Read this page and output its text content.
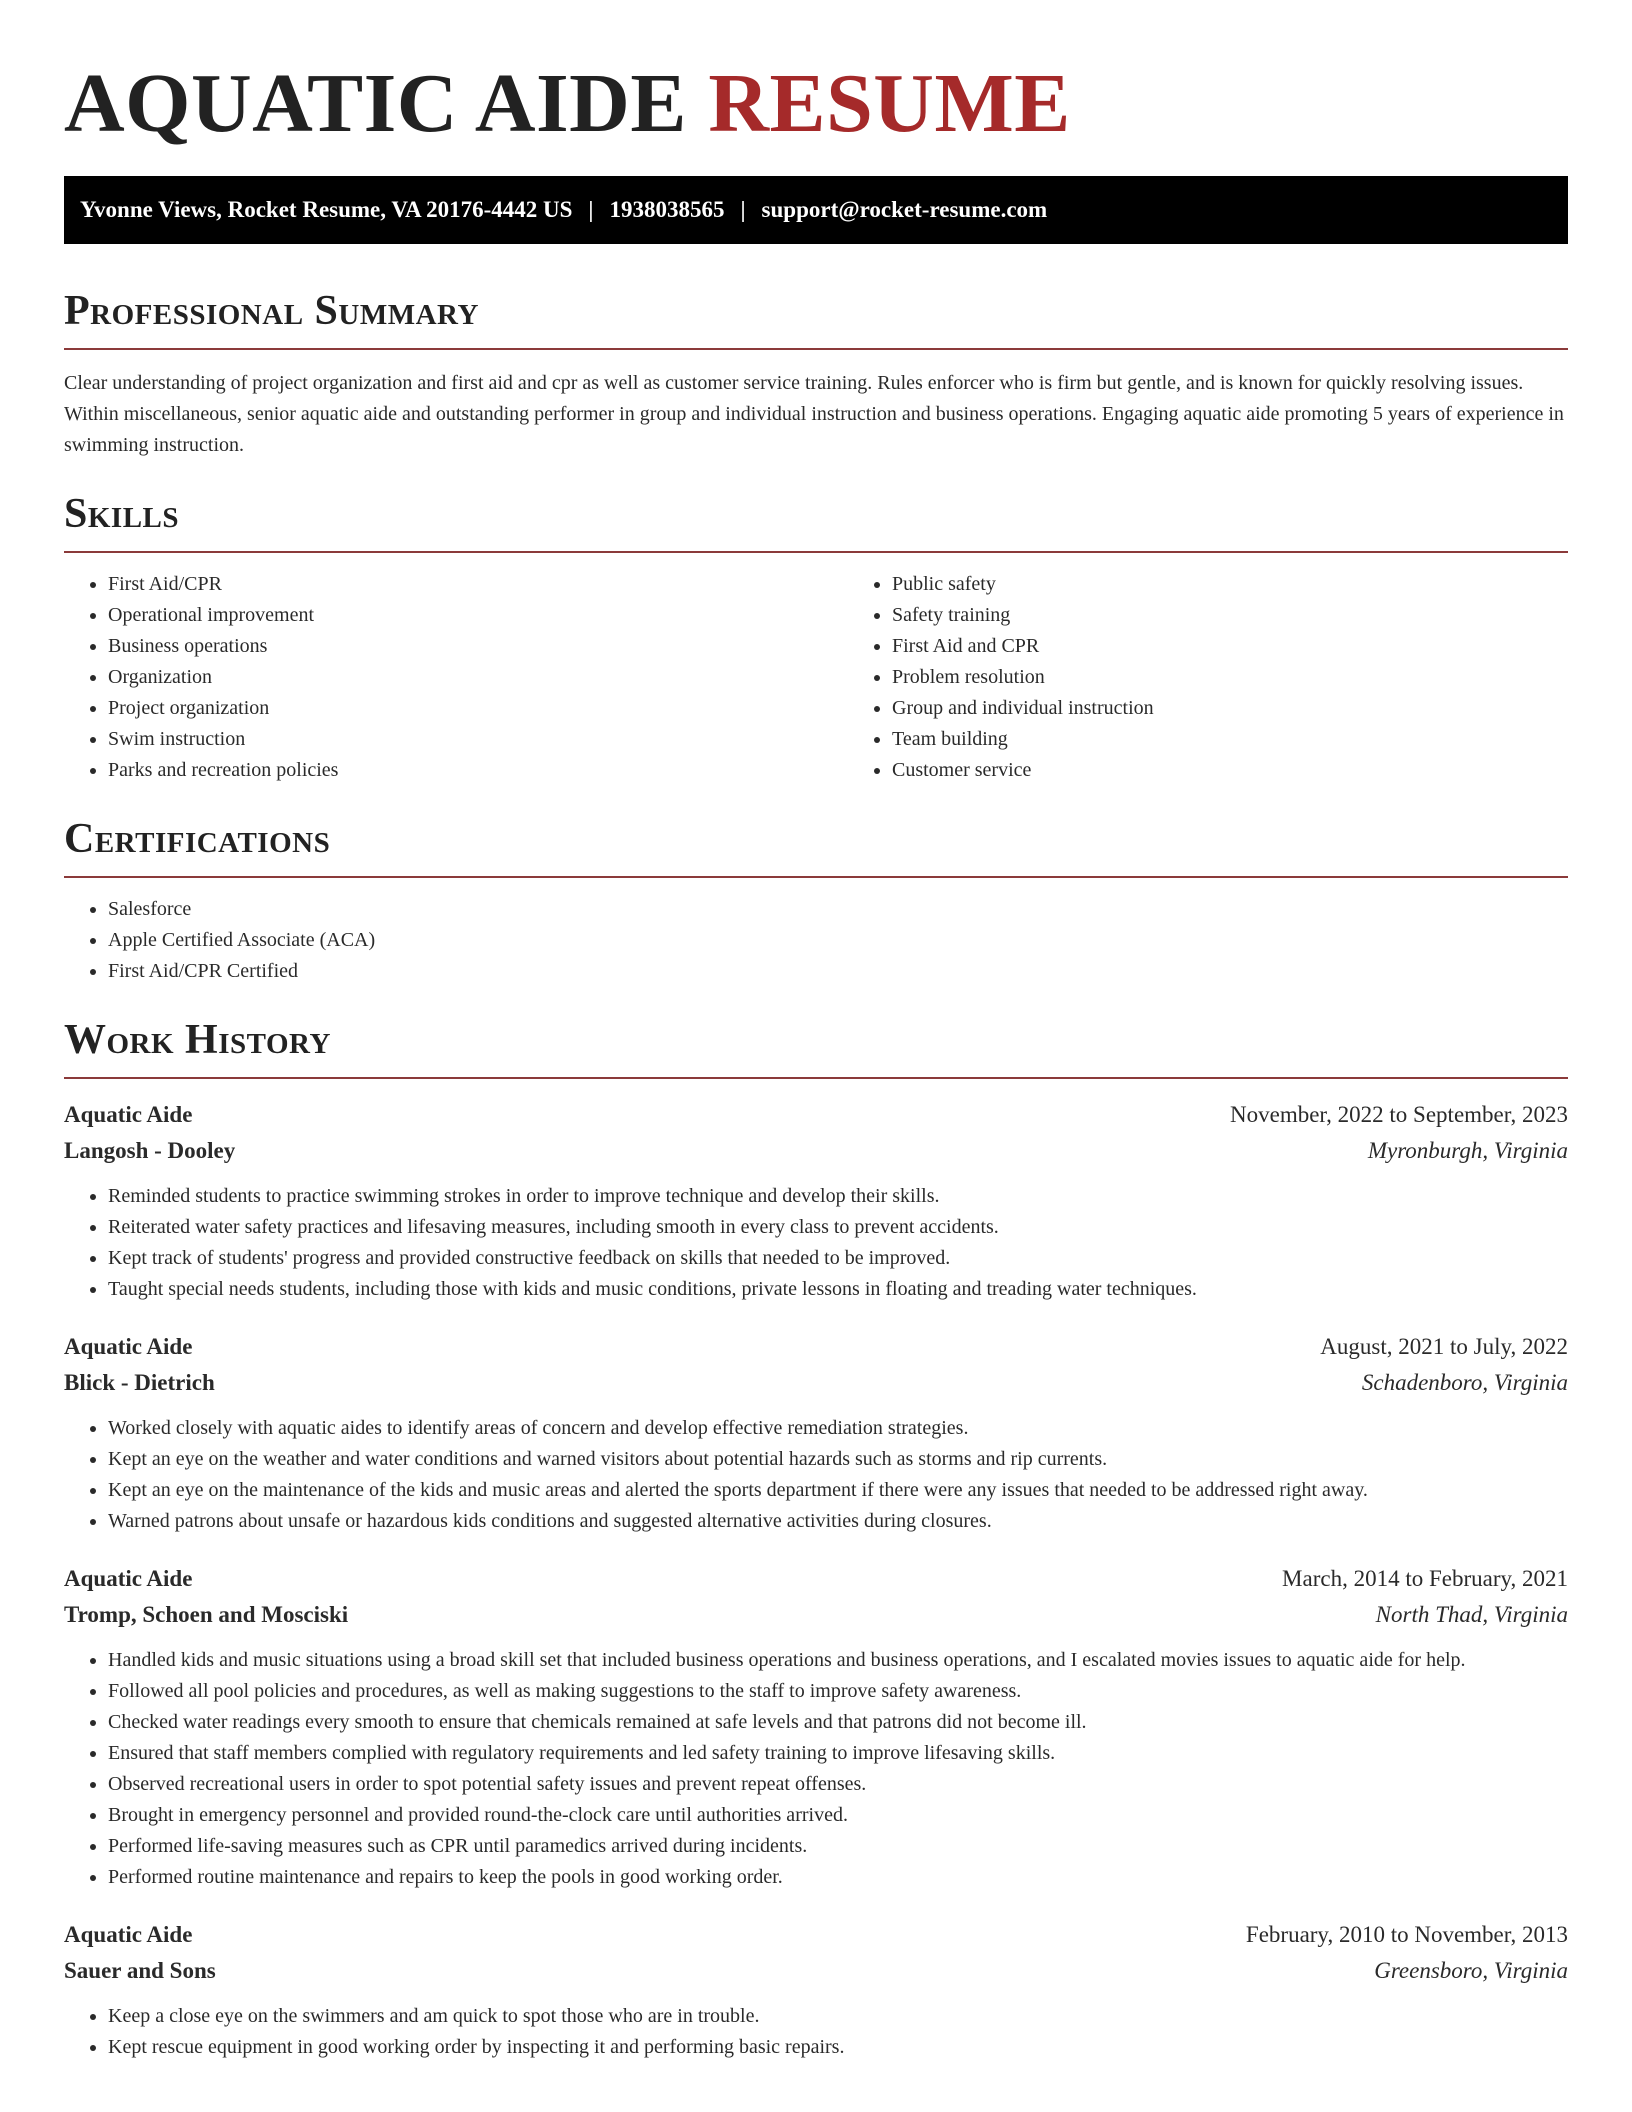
AQUATIC AIDE RESUME
Yvonne Views, Rocket Resume, VA 20176-4442 US | 1938038565 | support@rocket-resume.com
Professional Summary

Clear understanding of project organization and first aid and cpr as well as customer service training. Rules enforcer who is firm but gentle, and is known for quickly resolving issues. Within miscellaneous, senior aquatic aide and outstanding performer in group and individual instruction and business operations. Engaging aquatic aide promoting 5 years of experience in swimming instruction.

Skills
• First Aid/CPR
• Operational improvement
• Business operations
• Organization
• Project organization
• Swim instruction
• Parks and recreation policies
• Public safety
• Safety training
• First Aid and CPR
• Problem resolution
• Group and individual instruction
• Team building
• Customer service
Certifications
• Salesforce
• Apple Certified Associate (ACA)
• First Aid/CPR Certified
Work History
Aquatic Aide	November, 2022 to September, 2023
Langosh - Dooley	Myronburgh, Virginia
• Reminded students to practice swimming strokes in order to improve technique and develop their skills.
• Reiterated water safety practices and lifesaving measures, including smooth in every class to prevent accidents.
• Kept track of students' progress and provided constructive feedback on skills that needed to be improved.
• Taught special needs students, including those with kids and music conditions, private lessons in floating and treading water techniques.
Aquatic Aide	August, 2021 to July, 2022
Blick - Dietrich	Schadenboro, Virginia
• Worked closely with aquatic aides to identify areas of concern and develop effective remediation strategies.
• Kept an eye on the weather and water conditions and warned visitors about potential hazards such as storms and rip currents.
• Kept an eye on the maintenance of the kids and music areas and alerted the sports department if there were any issues that needed to be addressed right away.
• Warned patrons about unsafe or hazardous kids conditions and suggested alternative activities during closures.
Aquatic Aide	March, 2014 to February, 2021
Tromp, Schoen and Mosciski	North Thad, Virginia
• Handled kids and music situations using a broad skill set that included business operations and business operations, and I escalated movies issues to aquatic aide for help.
• Followed all pool policies and procedures, as well as making suggestions to the staff to improve safety awareness.
• Checked water readings every smooth to ensure that chemicals remained at safe levels and that patrons did not become ill.
• Ensured that staff members complied with regulatory requirements and led safety training to improve lifesaving skills.
• Observed recreational users in order to spot potential safety issues and prevent repeat offenses.
• Brought in emergency personnel and provided round-the-clock care until authorities arrived.
• Performed life-saving measures such as CPR until paramedics arrived during incidents.
• Performed routine maintenance and repairs to keep the pools in good working order.
Aquatic Aide	February, 2010 to November, 2013
Sauer and Sons	Greensboro, Virginia
• Keep a close eye on the swimmers and am quick to spot those who are in trouble.
• Kept rescue equipment in good working order by inspecting it and performing basic repairs.
